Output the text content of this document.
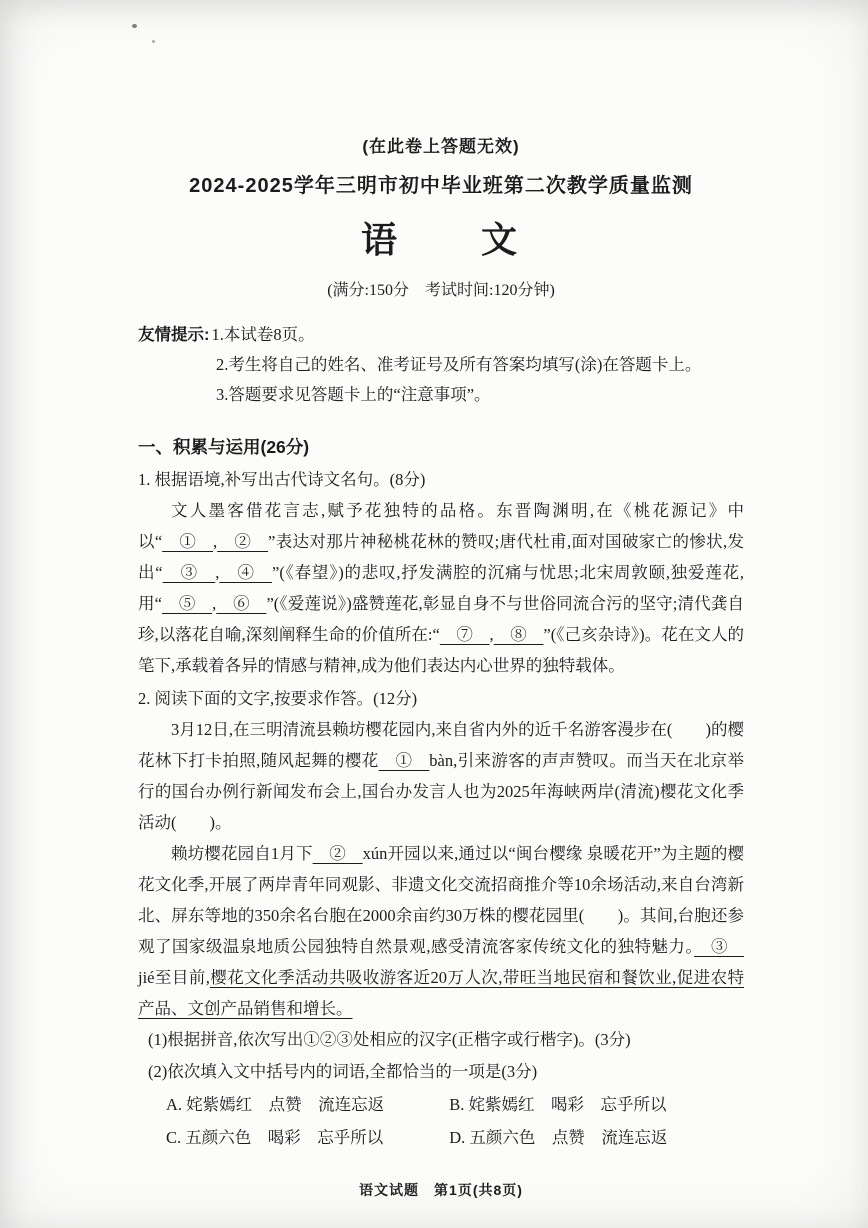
(在此卷上答题无效)
2024-2025学年三明市初中毕业班第二次教学质量监测
语　　文
(满分:150分　考试时间:120分钟)
友情提示: 1.本试卷8页。
2.考生将自己的姓名、准考证号及所有答案均填写(涂)在答题卡上。
3.答题要求见答题卡上的“注意事项”。
一、积累与运用(26分)
1. 根据语境,补写出古代诗文名句。(8分)

文人墨客借花言志,赋予花独特的品格。东晋陶渊明,在《桃花源记》中以“　①　,　②　”表达对那片神秘桃花林的赞叹;唐代杜甫,面对国破家亡的惨状,发出“　③　,　④　”(《春望》)的悲叹,抒发满腔的沉痛与忧思;北宋周敦颐,独爱莲花,用“　⑤　,　⑥　”(《爱莲说》)盛赞莲花,彰显自身不与世俗同流合污的坚守;清代龚自珍,以落花自喻,深刻阐释生命的价值所在:“　⑦　,　⑧　”(《己亥杂诗》)。花在文人的笔下,承载着各异的情感与精神,成为他们表达内心世界的独特载体。

2. 阅读下面的文字,按要求作答。(12分)

3月12日,在三明清流县赖坊樱花园内,来自省内外的近千名游客漫步在(　　)的樱花林下打卡拍照,随风起舞的樱花　①　bàn,引来游客的声声赞叹。而当天在北京举行的国台办例行新闻发布会上,国台办发言人也为2025年海峡两岸(清流)樱花文化季活动(　　)。

赖坊樱花园自1月下　②　xún开园以来,通过以“闽台樱缘 泉暖花开”为主题的樱花文化季,开展了两岸青年同观影、非遗文化交流招商推介等10余场活动,来自台湾新北、屏东等地的350余名台胞在2000余亩约30万株的樱花园里(　　)。其间,台胞还参观了国家级温泉地质公园独特自然景观,感受清流客家传统文化的独特魅力。　③　jié至目前,樱花文化季活动共吸收游客近20万人次,带旺当地民宿和餐饮业,促进农特产品、文创产品销售和增长。

(1)根据拼音,依次写出①②③处相应的汉字(正楷字或行楷字)。(3分)
(2)依次填入文中括号内的词语,全都恰当的一项是(3分)
A. 姹紫嫣红　点赞　流连忘返	B. 姹紫嫣红　喝彩　忘乎所以
C. 五颜六色　喝彩　忘乎所以	D. 五颜六色　点赞　流连忘返
语文试题　第1页(共8页)
